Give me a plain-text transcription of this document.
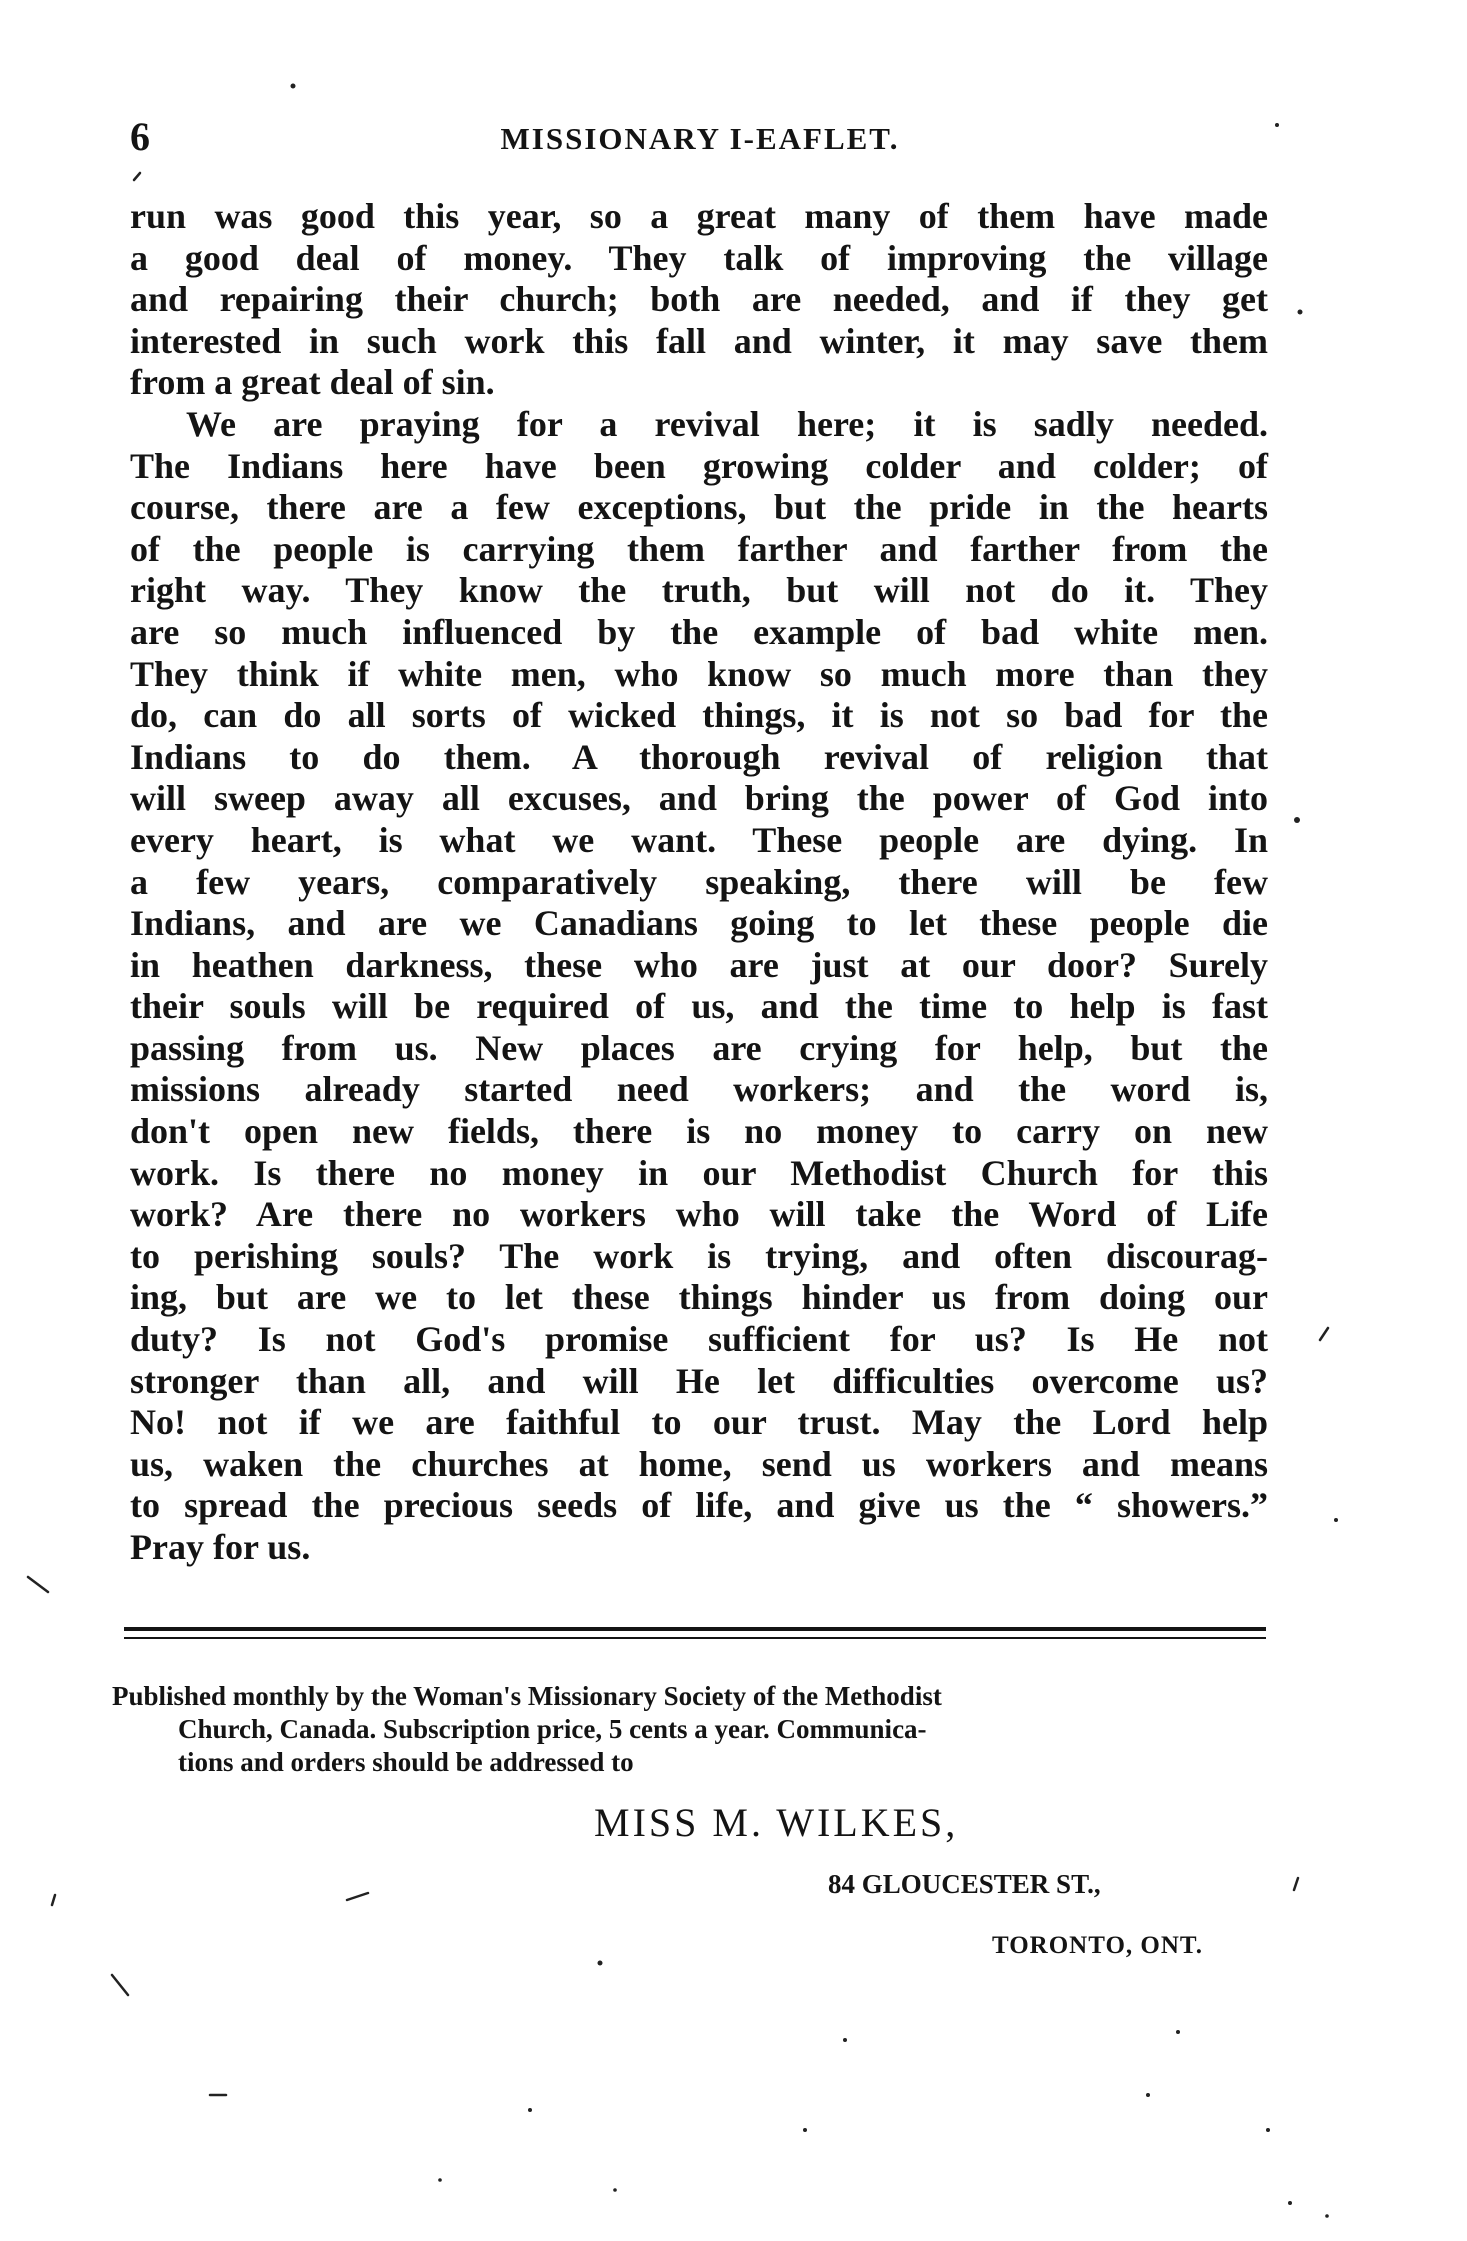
6	MISSIONARY I-EAFLET.
run was good this year, so a great many of them have made
a good deal of money. They talk of improving the village
and repairing their church; both are needed, and if they get
interested in such work this fall and winter, it may save them
from a great deal of sin.
We are praying for a revival here; it is sadly needed.
The Indians here have been growing colder and colder; of
course, there are a few exceptions, but the pride in the hearts
of the people is carrying them farther and farther from the
right way. They know the truth, but will not do it. They
are so much influenced by the example of bad white men.
They think if white men, who know so much more than they
do, can do all sorts of wicked things, it is not so bad for the
Indians to do them. A thorough revival of religion that
will sweep away all excuses, and bring the power of God into
every heart, is what we want. These people are dying. In
a few years, comparatively speaking, there will be few
Indians, and are we Canadians going to let these people die
in heathen darkness, these who are just at our door? Surely
their souls will be required of us, and the time to help is fast
passing from us. New places are crying for help, but the
missions already started need workers; and the word is,
don't open new fields, there is no money to carry on new
work. Is there no money in our Methodist Church for this
work? Are there no workers who will take the Word of Life
to perishing souls? The work is trying, and often discourag-
ing, but are we to let these things hinder us from doing our
duty? Is not God's promise sufficient for us? Is He not
stronger than all, and will He let difficulties overcome us?
No! not if we are faithful to our trust. May the Lord help
us, waken the churches at home, send us workers and means
to spread the precious seeds of life, and give us the “ showers.”
Pray for us.
Published monthly by the Woman's Missionary Society of the Methodist
Church, Canada. Subscription price, 5 cents a year. Communica-
tions and orders should be addressed to
MISS M. WILKES,
84 GLOUCESTER ST.,
TORONTO, ONT.
